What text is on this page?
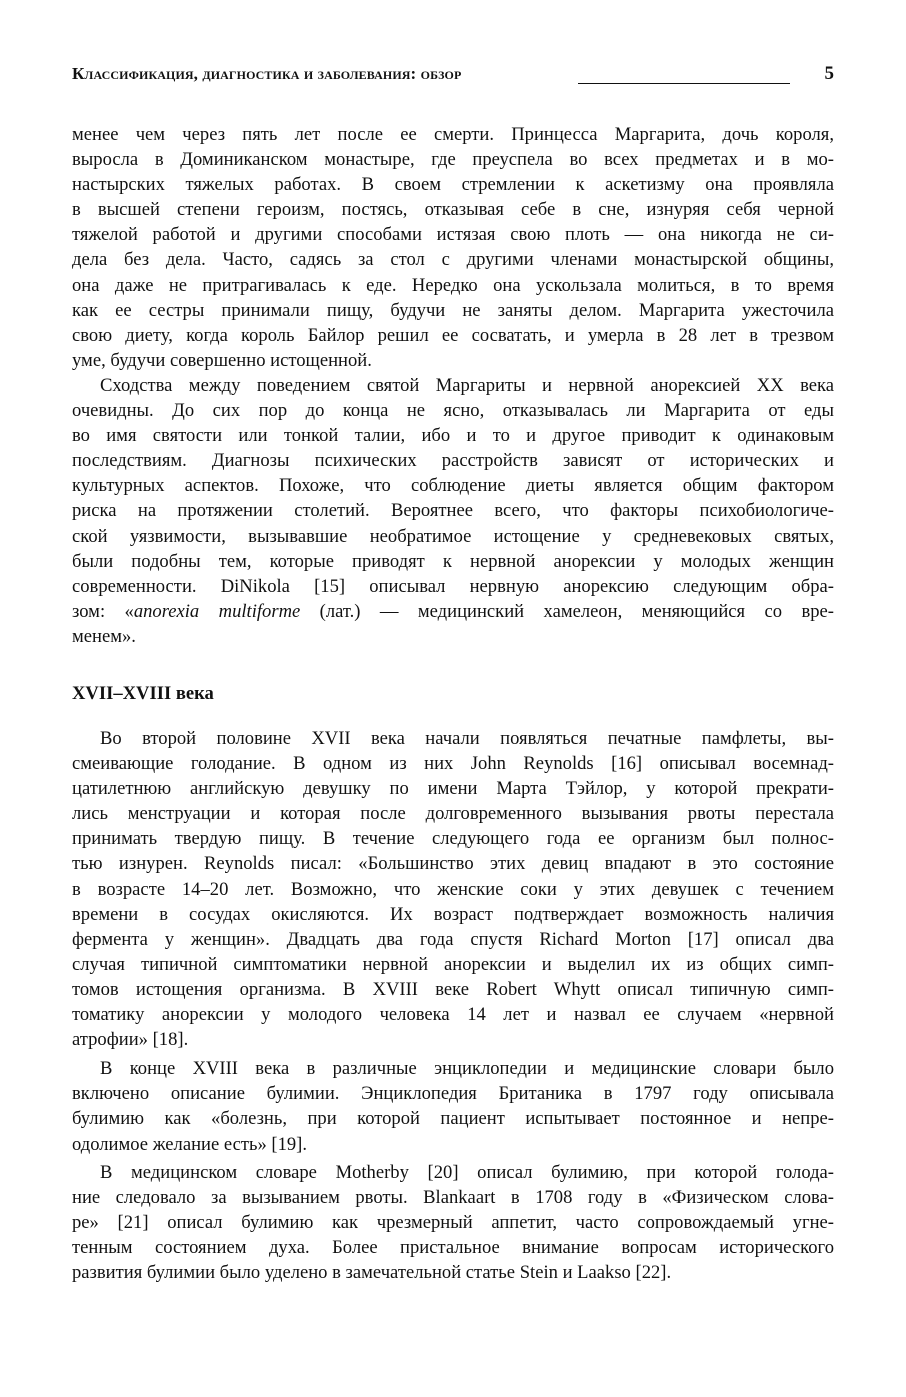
Классификация, диагностика и заболевания: обзор	5
менее чем через пять лет после ее смерти. Принцесса Маргарита, дочь короля,
выросла в Доминиканском монастыре, где преуспела во всех предметах и в мо-
настырских тяжелых работах. В своем стремлении к аскетизму она проявляла
в высшей степени героизм, постясь, отказывая себе в сне, изнуряя себя черной
тяжелой работой и другими способами истязая свою плоть — она никогда не си-
дела без дела. Часто, садясь за стол с другими членами монастырской общины,
она даже не притрагивалась к еде. Нередко она ускользала молиться, в то время
как ее сестры принимали пищу, будучи не заняты делом. Маргарита ужесточила
свою диету, когда король Байлор решил ее сосватать, и умерла в 28 лет в трезвом
уме, будучи совершенно истощенной.
Сходства между поведением святой Маргариты и нервной анорексией XX века
очевидны. До сих пор до конца не ясно, отказывалась ли Маргарита от еды
во имя святости или тонкой талии, ибо и то и другое приводит к одинаковым
последствиям. Диагнозы психических расстройств зависят от исторических и
культурных аспектов. Похоже, что соблюдение диеты является общим фактором
риска на протяжении столетий. Вероятнее всего, что факторы психобиологиче-
ской уязвимости, вызывавшие необратимое истощение у средневековых святых,
были подобны тем, которые приводят к нервной анорексии у молодых женщин
современности. DiNikola [15] описывал нервную анорексию следующим обра-
зом: «anorexia multiforme (лат.) — медицинский хамелеон, меняющийся со вре-
менем».
XVII–XVIII века
Во второй половине XVII века начали появляться печатные памфлеты, вы-
смеивающие голодание. В одном из них John Reynolds [16] описывал восемнад-
цатилетнюю английскую девушку по имени Марта Тэйлор, у которой прекрати-
лись менструации и которая после долговременного вызывания рвоты перестала
принимать твердую пищу. В течение следующего года ее организм был полнос-
тью изнурен. Reynolds писал: «Большинство этих девиц впадают в это состояние
в возрасте 14–20 лет. Возможно, что женские соки у этих девушек с течением
времени в сосудах окисляются. Их возраст подтверждает возможность наличия
фермента у женщин». Двадцать два года спустя Richard Morton [17] описал два
случая типичной симптоматики нервной анорексии и выделил их из общих симп-
томов истощения организма. В XVIII веке Robert Whytt описал типичную симп-
томатику анорексии у молодого человека 14 лет и назвал ее случаем «нервной
атрофии» [18].
В конце XVIII века в различные энциклопедии и медицинские словари было
включено описание булимии. Энциклопедия Британика в 1797 году описывала
булимию как «болезнь, при которой пациент испытывает постоянное и непре-
одолимое желание есть» [19].
В медицинском словаре Motherby [20] описал булимию, при которой голода-
ние следовало за вызыванием рвоты. Blankaart в 1708 году в «Физическом слова-
ре» [21] описал булимию как чрезмерный аппетит, часто сопровождаемый угне-
тенным состоянием духа. Более пристальное внимание вопросам исторического
развития булимии было уделено в замечательной статье Stein и Laakso [22].
